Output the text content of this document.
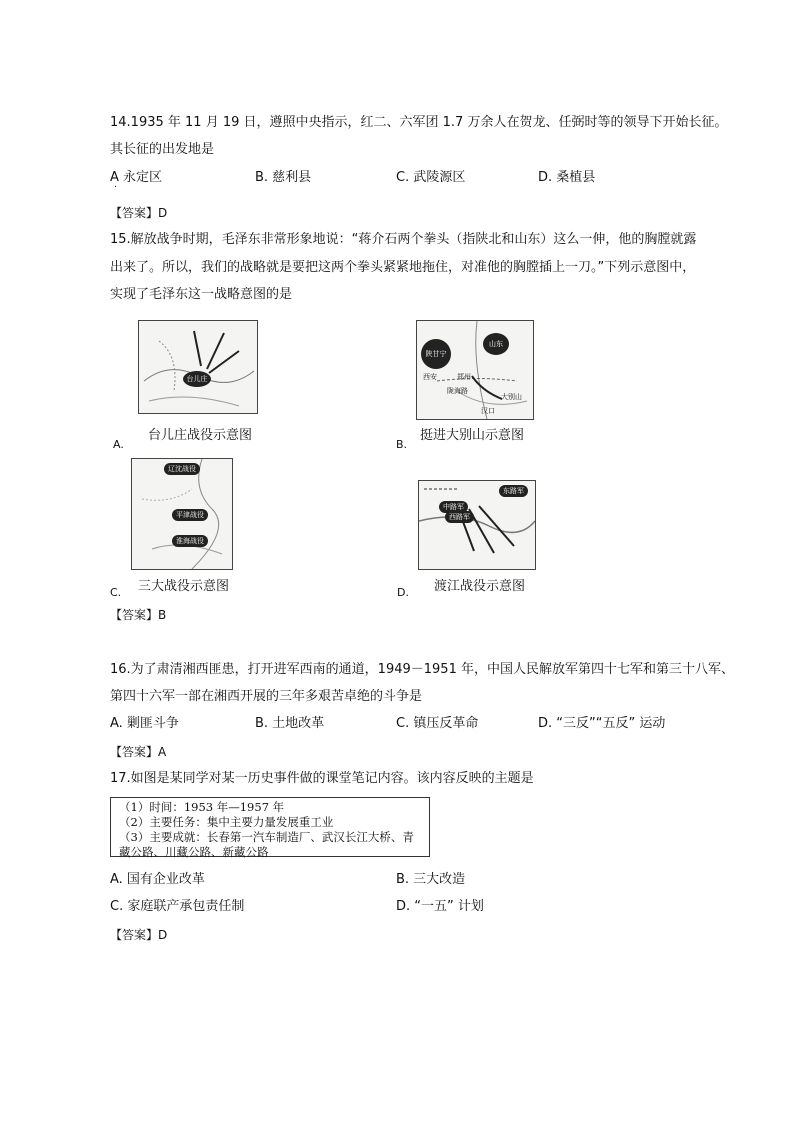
14.1935 年 11 月 19 日，遵照中央指示，红二、六军团 1.7 万余人在贺龙、任弼时等的领导下开始长征。
其长征的出发地是
A 永定区
·
B. 慈利县	C. 武陵源区	D. 桑植县
【答案】D
15.解放战争时期，毛泽东非常形象地说：“蒋介石两个拳头（指陕北和山东）这么一伸，他的胸膛就露
出来了。所以，我们的战略就是要把这两个拳头紧紧地拖住，对准他的胸膛插上一刀。”下列示意图中，
实现了毛泽东这一战略意图的是
台儿庄
A.
台儿庄战役示意图
陕甘宁
山东
西安	郑州
陇海路
大别山
汉口
B.
挺进大别山示意图
辽沈战役
平津战役
淮海战役
C. 三大战役示意图
东路军
中路军
西路军
D. 渡江战役示意图
【答案】B
16.为了肃清湘西匪患，打开进军西南的通道，1949－1951 年，中国人民解放军第四十七军和第三十八军、
第四十六军一部在湘西开展的三年多艰苦卓绝的斗争是
A. 剿匪斗争	B. 土地改革	C. 镇压反革命	D. “三反”“五反” 运动
【答案】A
17.如图是某同学对某一历史事件做的课堂笔记内容。该内容反映的主题是
（1）时间：1953 年—1957 年
（2）主要任务：集中主要力量发展重工业
（3）主要成就：长春第一汽车制造厂、武汉长江大桥、青
藏公路、川藏公路、新藏公路
A. 国有企业改革	B. 三大改造
C. 家庭联产承包责任制	D. “一五” 计划
【答案】D
